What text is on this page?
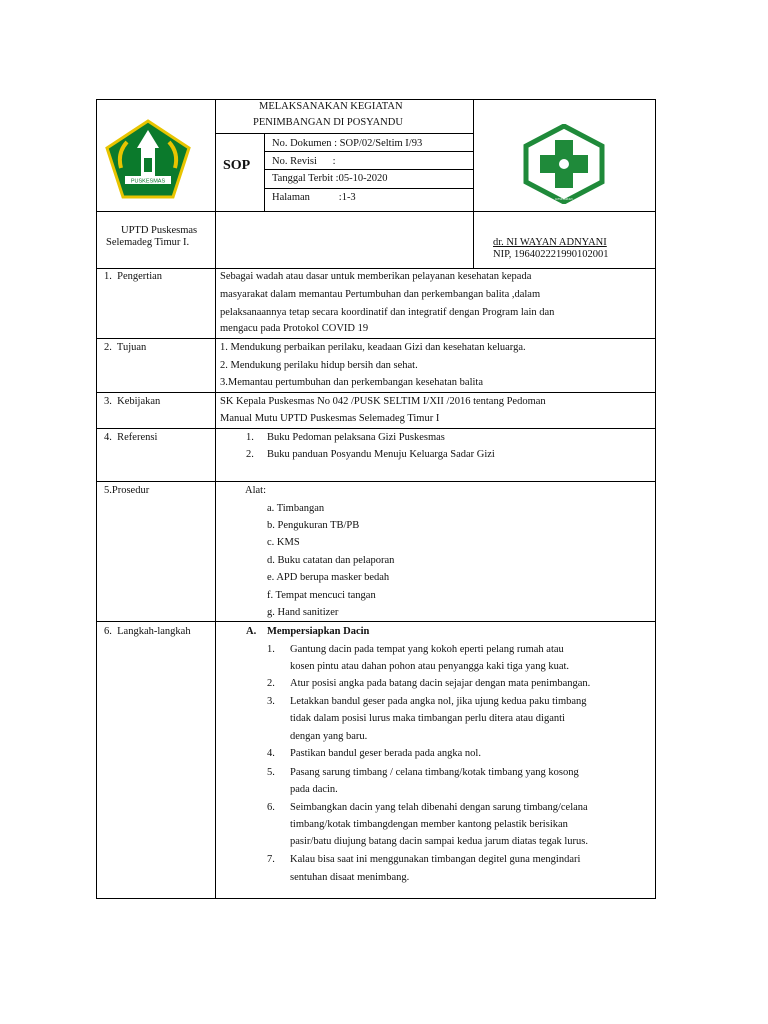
PUSKESMAS
KESEHATAN
MELAKSANAKAN KEGIATAN
PENIMBANGAN DI POSYANDU
SOP
No. Dokumen : SOP/02/Seltim I/93
No. Revisi      :
Tanggal Terbit :05-10-2020
Halaman           :1-3
UPTD Puskesmas
Selemadeg Timur I.	dr. NI WAYAN ADNYANI
NIP, 196402221990102001
1.  Pengertian	Sebagai wadah atau dasar untuk memberikan pelayanan kesehatan kepada
masyarakat dalam memantau Pertumbuhan dan perkembangan balita ,dalam
pelaksanaannya tetap secara koordinatif dan integratif dengan Program lain dan
mengacu pada Protokol COVID 19
2.  Tujuan	1. Mendukung perbaikan perilaku, keadaan Gizi dan kesehatan keluarga.
2. Mendukung perilaku hidup bersih dan sehat.
3.Memantau pertumbuhan dan perkembangan kesehatan balita
3.  Kebijakan	SK Kepala Puskesmas No 042 /PUSK SELTIM I/XII /2016 tentang Pedoman
Manual Mutu UPTD Puskesmas Selemadeg Timur I
4.  Referensi	1. Buku Pedoman pelaksana Gizi Puskesmas
2. Buku panduan Posyandu Menuju Keluarga Sadar Gizi
5.Prosedur	Alat:
a. Timbangan
b. Pengukuran TB/PB
c. KMS
d. Buku catatan dan pelaporan
e. APD berupa masker bedah
f. Tempat mencuci tangan
g. Hand sanitizer
6.  Langkah-langkah	A. Mempersiapkan Dacin
1. Gantung dacin pada tempat yang kokoh eperti pelang rumah atau
kosen pintu atau dahan pohon atau penyangga kaki tiga yang kuat.
2. Atur posisi angka pada batang dacin sejajar dengan mata penimbangan.
3. Letakkan bandul geser pada angka nol, jika ujung kedua paku timbang
tidak dalam posisi lurus maka timbangan perlu ditera atau diganti
dengan yang baru.
4. Pastikan bandul geser berada pada angka nol.
5. Pasang sarung timbang / celana timbang/kotak timbang yang kosong
pada dacin.
6. Seimbangkan dacin yang telah dibenahi dengan sarung timbang/celana
timbang/kotak timbangdengan member kantong pelastik berisikan
pasir/batu diujung batang dacin sampai kedua jarum diatas tegak lurus.
7. Kalau bisa saat ini menggunakan timbangan degitel guna mengindari
sentuhan disaat menimbang.
